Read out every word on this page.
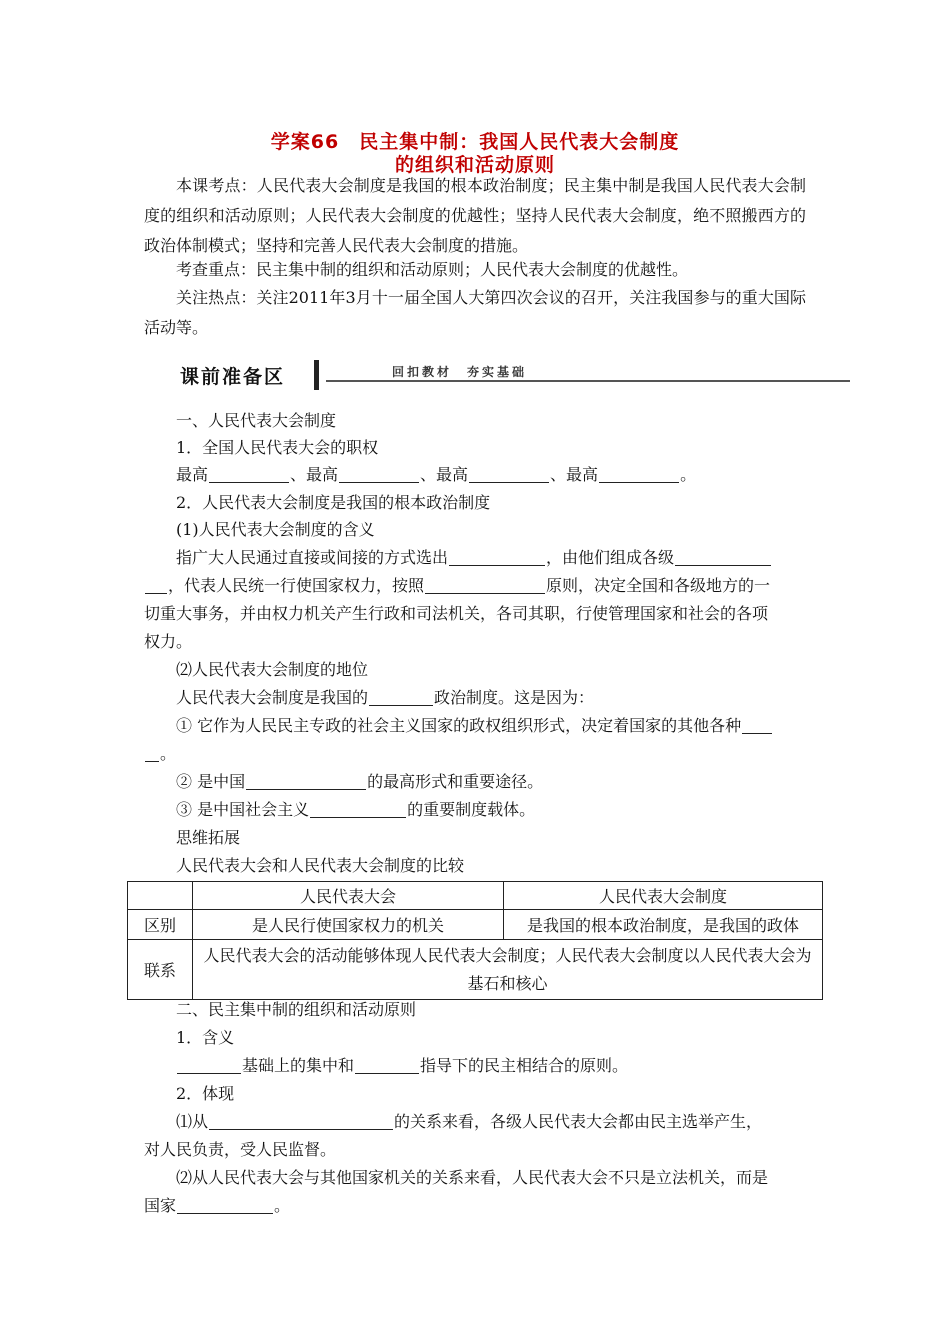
学案66　民主集中制：我国人民代表大会制度
的组织和活动原则
本课考点：人民代表大会制度是我国的根本政治制度；民主集中制是我国人民代表大会制度的组织和活动原则；人民代表大会制度的优越性；坚持人民代表大会制度，绝不照搬西方的政治体制模式；坚持和完善人民代表大会制度的措施。
考查重点：民主集中制的组织和活动原则；人民代表大会制度的优越性。
关注热点：关注2011年3月十一届全国人大第四次会议的召开，关注我国参与的重大国际活动等。
课前准备区	回扣教材　夯实基础
一、人民代表大会制度
1．全国人民代表大会的职权
最高	、最高	、最高	、最高	。
2．人民代表大会制度是我国的根本政治制度
(1)人民代表大会制度的含义
指广大人民通过直接或间接的方式选出	，由他们组成各级
，代表人民统一行使国家权力，按照	原则，决定全国和各级地方的一
切重大事务，并由权力机关产生行政和司法机关，各司其职，行使管理国家和社会的各项
权力。
⑵人民代表大会制度的地位
人民代表大会制度是我国的	政治制度。这是因为：
① 它作为人民民主专政的社会主义国家的政权组织形式，决定着国家的其他各种
。
② 是中国	的最高形式和重要途径。
③ 是中国社会主义	的重要制度载体。
思维拓展
人民代表大会和人民代表大会制度的比较
	人民代表大会	人民代表大会制度
区别	是人民行使国家权力的机关	是我国的根本政治制度，是我国的政体
联系	人民代表大会的活动能够体现人民代表大会制度；人民代表大会制度以人民代表大会为基石和核心	
二、民主集中制的组织和活动原则
1．含义
基础上的集中和	指导下的民主相结合的原则。
2．体现
⑴从	的关系来看，各级人民代表大会都由民主选举产生，
对人民负责，受人民监督。
⑵从人民代表大会与其他国家机关的关系来看，人民代表大会不只是立法机关，而是
国家	。
